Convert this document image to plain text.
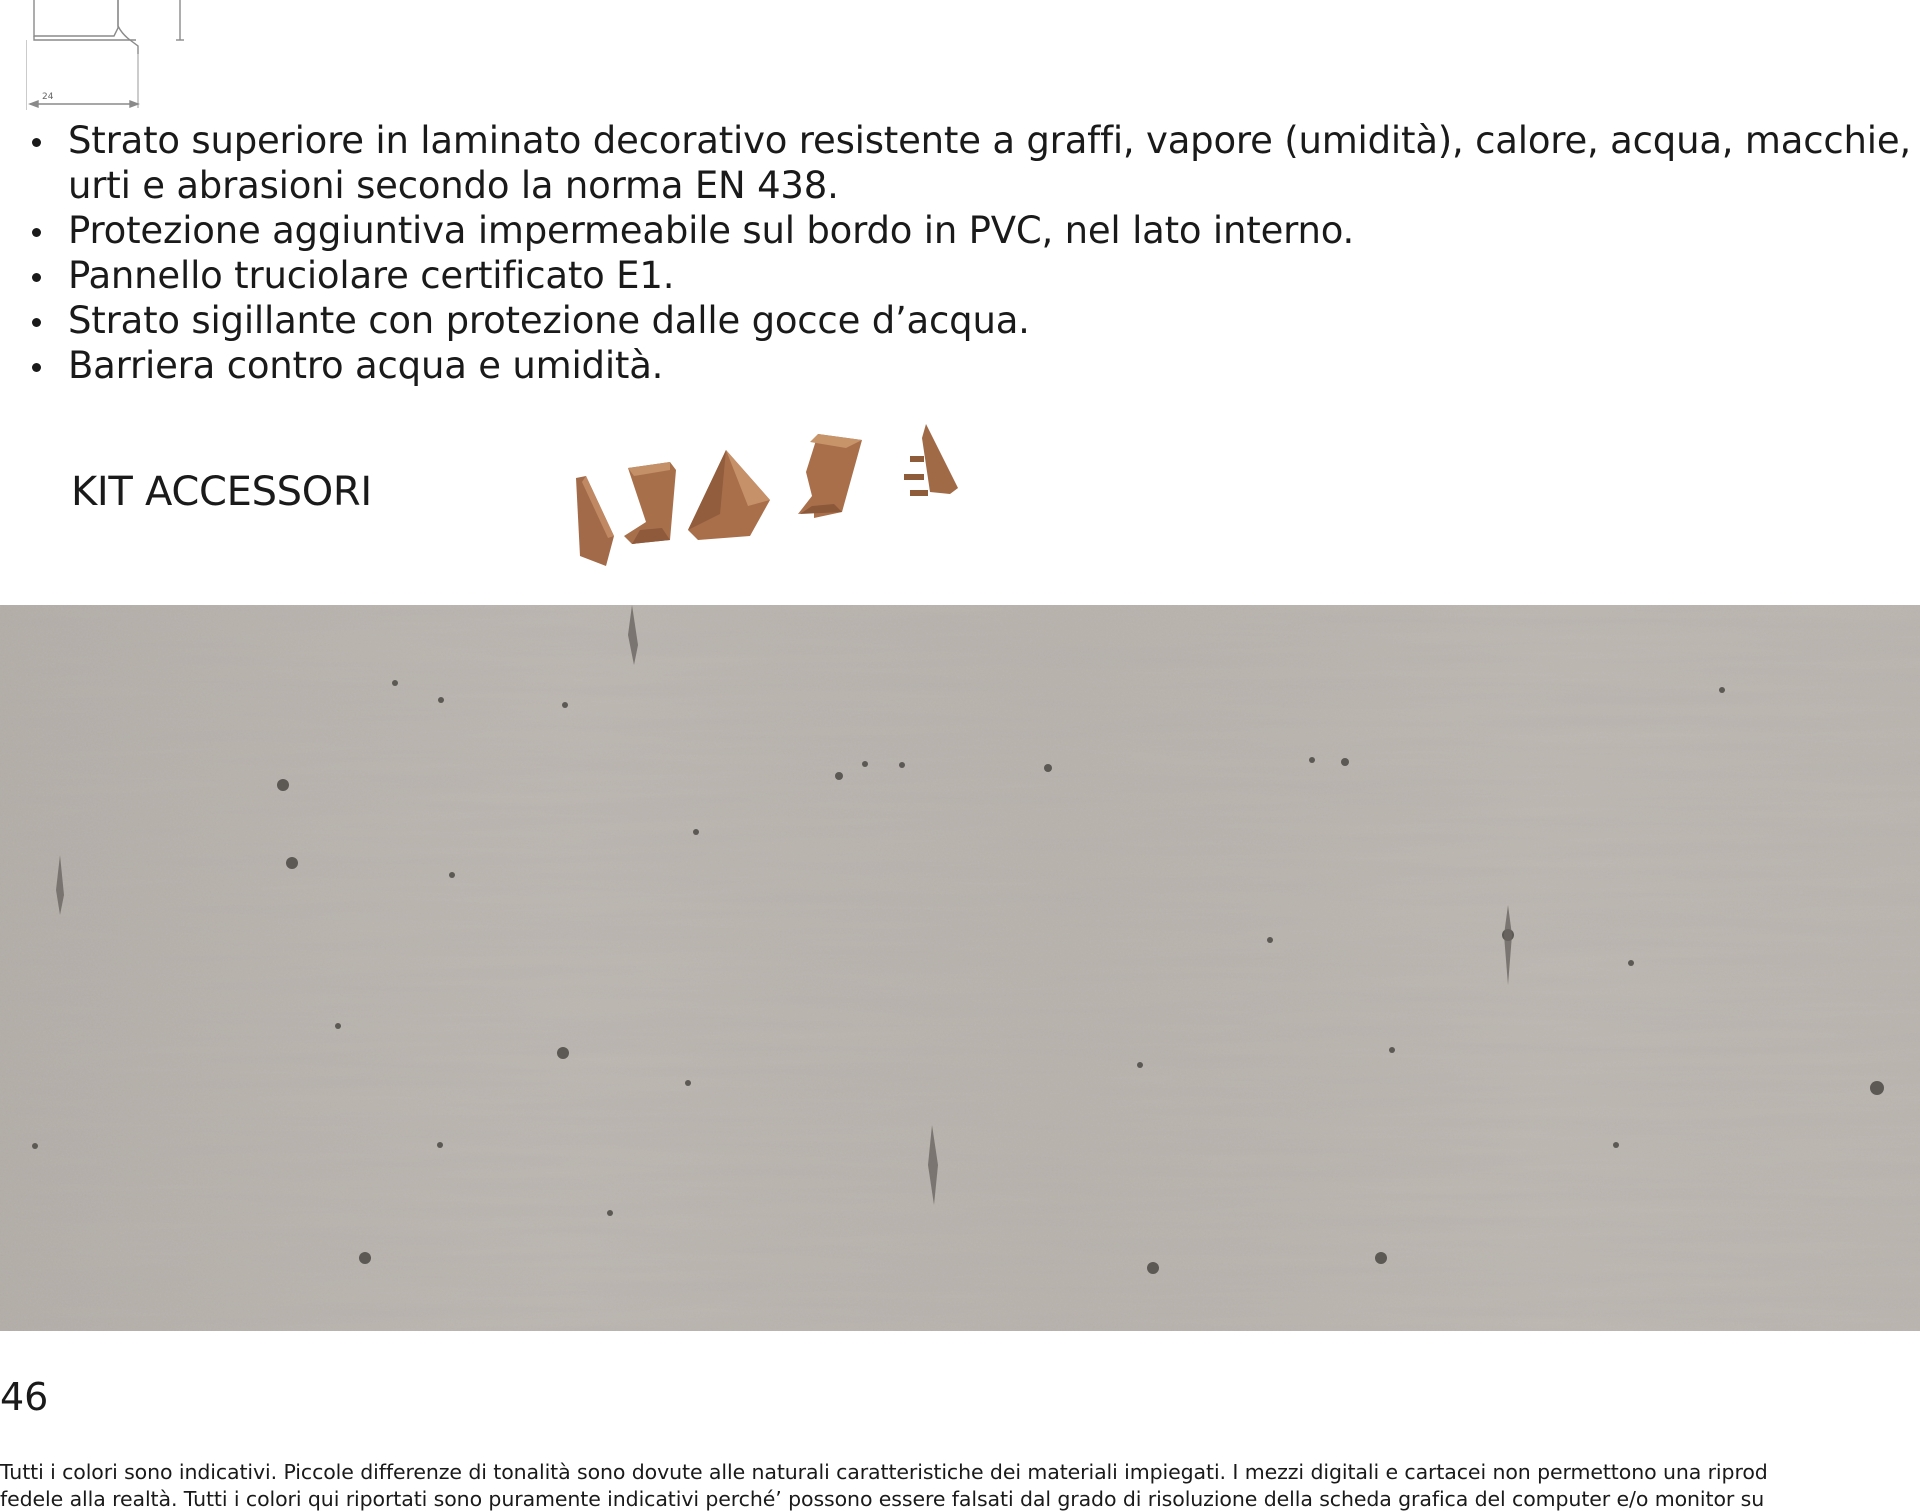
24
Strato superiore in laminato decorativo resistente a graffi, vapore (umidità), calore, acqua, macchie, urti e abrasioni secondo la norma EN 438.
Protezione aggiuntiva impermeabile sul bordo in PVC, nel lato interno.
Pannello truciolare certificato E1.
Strato sigillante con protezione dalle gocce d’acqua.
Barriera contro acqua e umidità.
KIT ACCESSORI
46
Tutti i colori sono indicativi. Piccole differenze di tonalità sono dovute alle naturali caratteristiche dei materiali impiegati. I mezzi digitali e cartacei non permettono una riprod
fedele alla realtà. Tutti i colori qui riportati sono puramente indicativi perché’ possono essere falsati dal grado di risoluzione della scheda grafica del computer e/o monitor su
